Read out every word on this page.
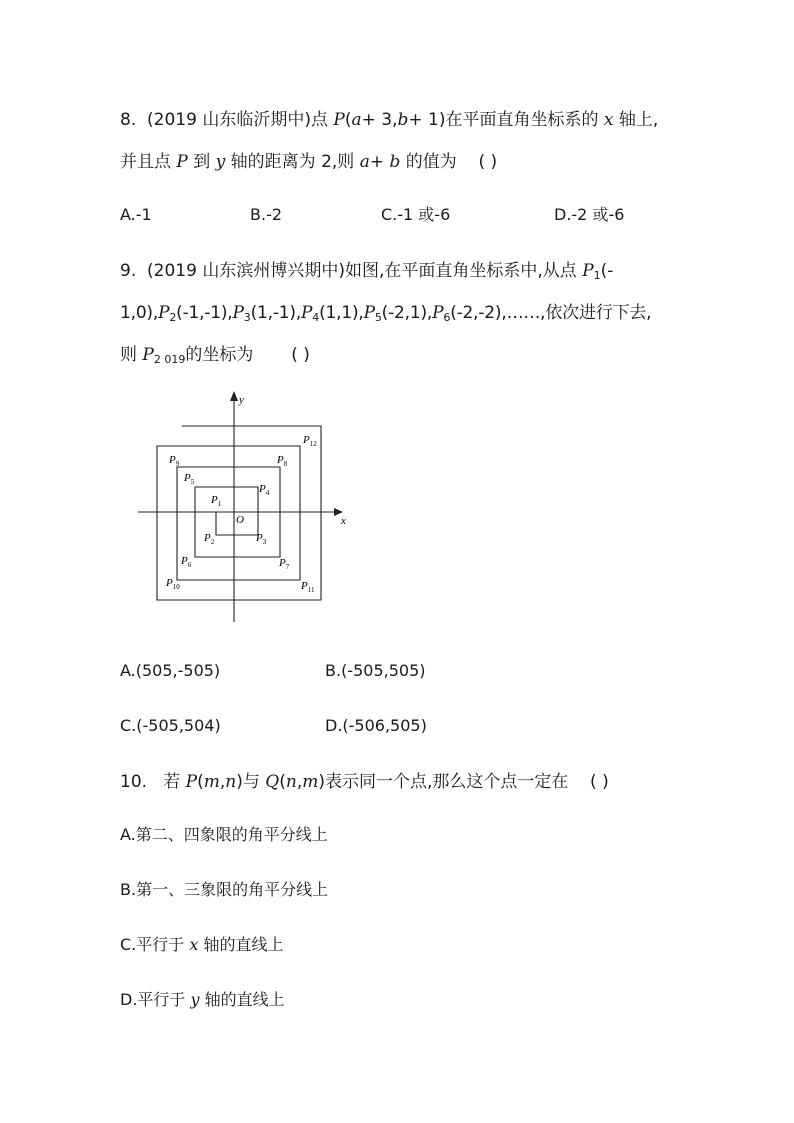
8. (2019 山东临沂期中)点 P(a+ 3,b+ 1)在平面直角坐标系的 x 轴上,
并且点 P 到 y 轴的距离为 2,则 a+ b 的值为 ( )
A.-1	B.-2	C.-1 或-6	D.-2 或-6
9. (2019 山东滨州博兴期中)如图,在平面直角坐标系中,从点 $P_1(-$
$1,0),P_2(-1,-1),P_3(1,-1),P_4(1,1),P_5(-2,1),P_6(-2,-2),\dots\dots$,依次进行下去,
则 $P_{2 019}$的坐标为 ( )
x
y
O
$P_1$
$P_2$	$P_3$
$P_4$
$P_5$
$P_6$	$P_7$
$P_8$
$P_9$
$P_{10}$	$P_{11}$
$P_{12}$
A.(505,-505)	B.(-505,505)
C.(-505,504)	D.(-506,505)
10. 若 P(m,n)与 Q(n,m)表示同一个点,那么这个点一定在 ( )
A.第二、四象限的角平分线上
B.第一、三象限的角平分线上
C.平行于 x 轴的直线上
D.平行于 y 轴的直线上
